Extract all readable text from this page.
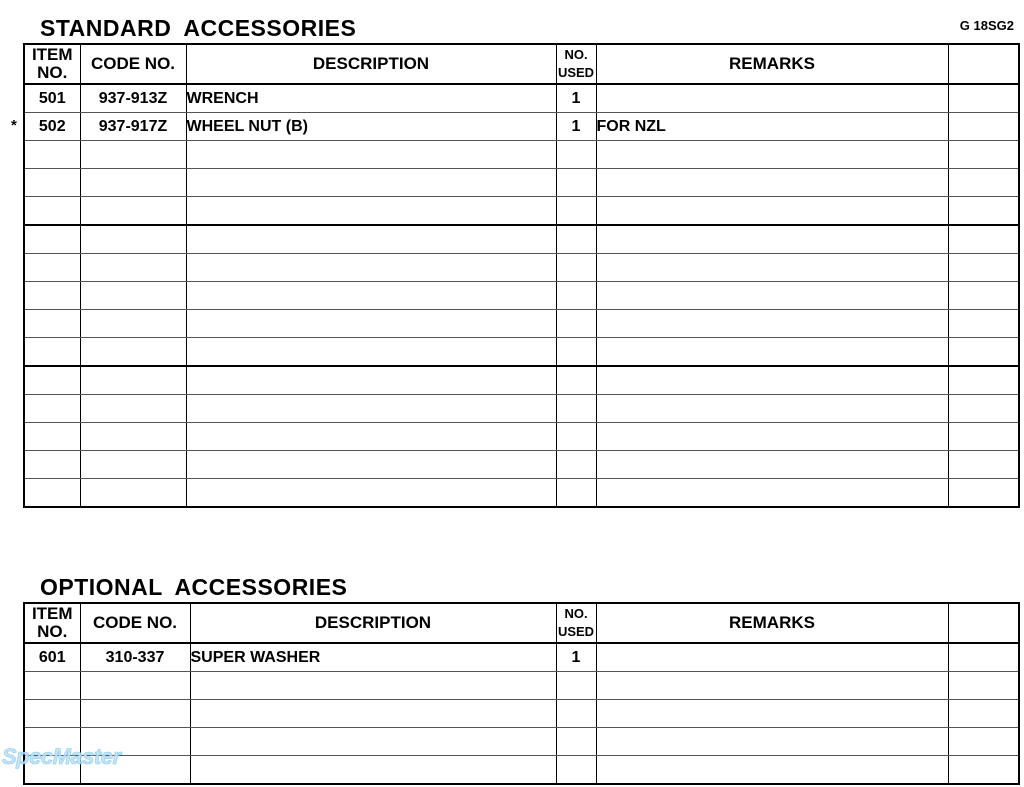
STANDARD ACCESSORIES	G 18SG2
ITEM NO.	CODE NO.	DESCRIPTION	NO. USED	REMARKS	
501	937-913Z	WRENCH	1		

* 502	937-917Z	WHEEL NUT (B)	1	FOR NZL	

OPTIONAL ACCESSORIES
ITEM NO.	CODE NO.	DESCRIPTION	NO. USED	REMARKS	
601	310-337	SUPER WASHER	1		

SpecMaster
